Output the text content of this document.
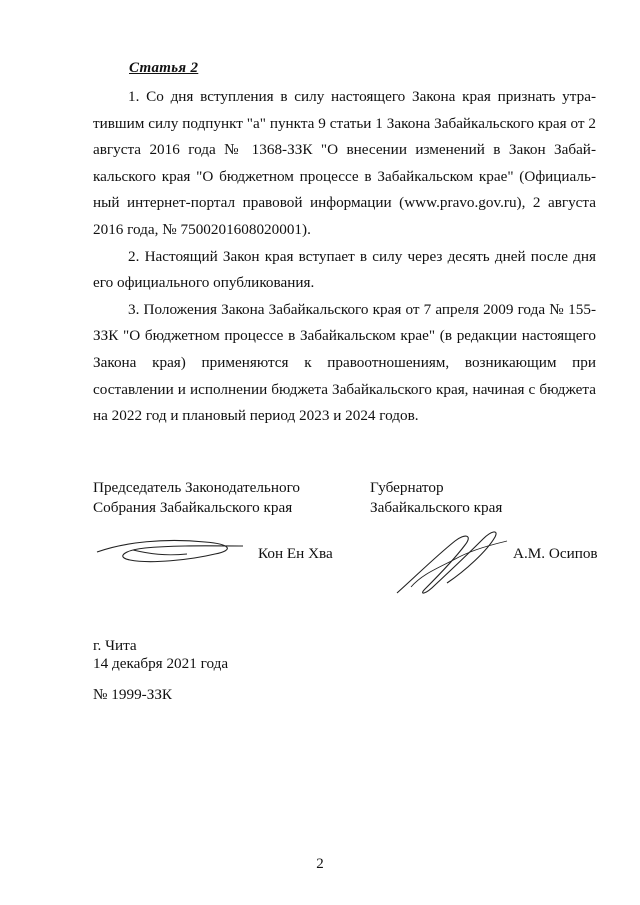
Статья 2

1. Со дня вступления в силу настоящего Закона края признать утратившим силу подпункт "а" пункта 9 статьи 1 Закона Забайкальского края от 2 августа 2016 года № 1368-ЗЗК "О внесении изменений в Закон Забайкальского края "О бюджетном процессе в Забайкальском крае" (Официальный интернет-портал правовой информации (www.pravo.gov.ru), 2 августа 2016 года, № 7500201608020001).

2. Настоящий Закон края вступает в силу через десять дней после дня его официального опубликования.

3. Положения Закона Забайкальского края от 7 апреля 2009 года № 155-ЗЗК "О бюджетном процессе в Забайкальском крае" (в редакции настоящего Закона края) применяются к правоотношениям, возникающим при составлении и исполнении бюджета Забайкальского края, начиная с бюджета на 2022 год и плановый период 2023 и 2024 годов.

Председатель Законодательного
Собрания Забайкальского края
Губернатор
Забайкальского края
Кон Ен Хва	А.М. Осипов
г. Чита
14 декабря 2021 года
№ 1999-ЗЗК
2
